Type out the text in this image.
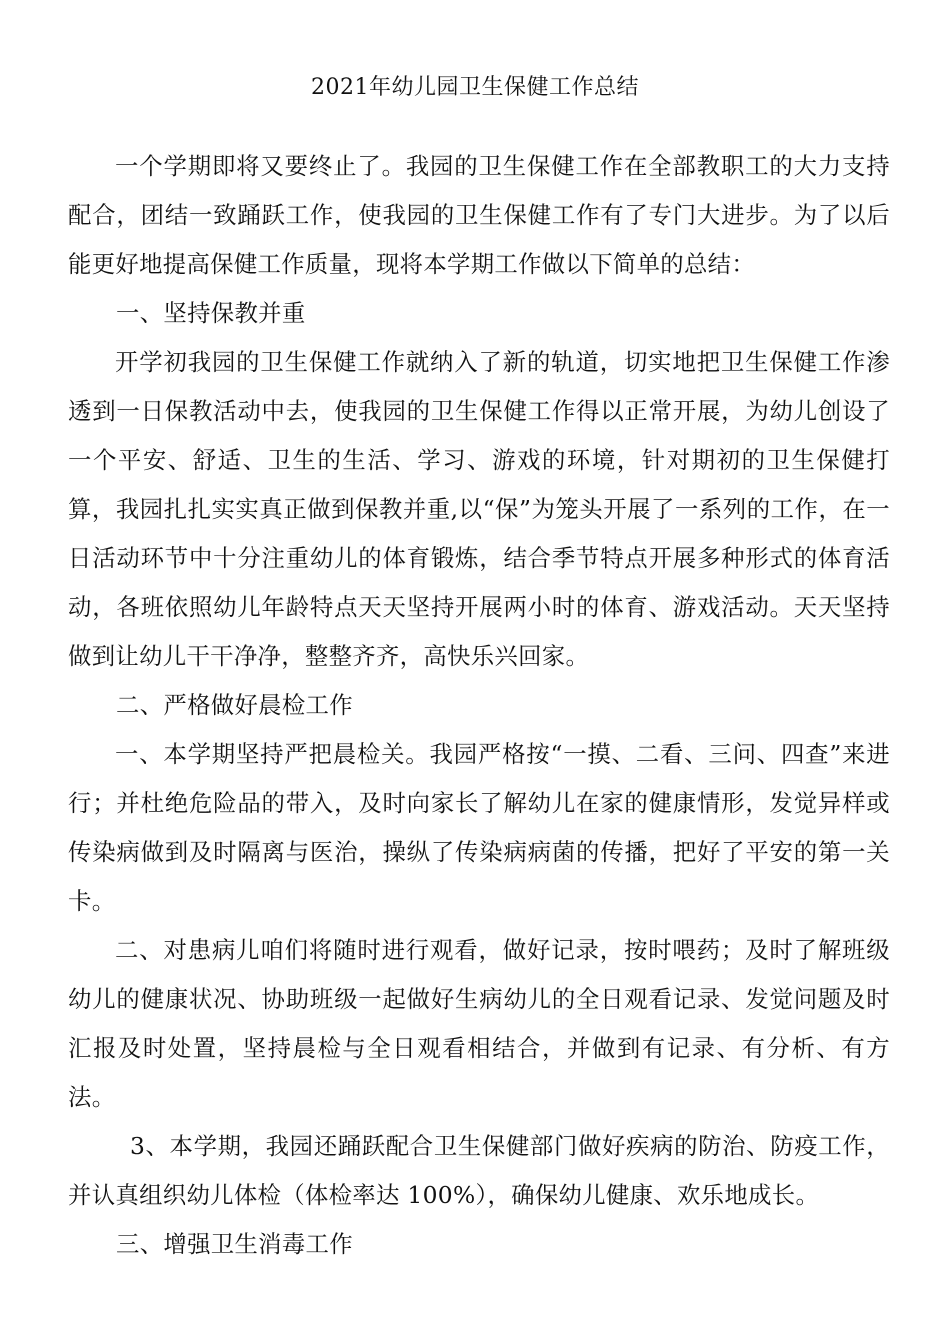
2021年幼儿园卫生保健工作总结

一个学期即将又要终止了。我园的卫生保健工作在全部教职工的大力支持配合，团结一致踊跃工作，使我园的卫生保健工作有了专门大进步。为了以后能更好地提高保健工作质量，现将本学期工作做以下简单的总结：

一、坚持保教并重

开学初我园的卫生保健工作就纳入了新的轨道，切实地把卫生保健工作渗透到一日保教活动中去，使我园的卫生保健工作得以正常开展，为幼儿创设了一个平安、舒适、卫生的生活、学习、游戏的环境，针对期初的卫生保健打算，我园扎扎实实真正做到保教并重,以“保”为笼头开展了一系列的工作，在一日活动环节中十分注重幼儿的体育锻炼，结合季节特点开展多种形式的体育活动，各班依照幼儿年龄特点天天坚持开展两小时的体育、游戏活动。天天坚持做到让幼儿干干净净，整整齐齐，高快乐兴回家。

二、严格做好晨检工作

一、本学期坚持严把晨检关。我园严格按“一摸、二看、三问、四查”来进行；并杜绝危险品的带入，及时向家长了解幼儿在家的健康情形，发觉异样或传染病做到及时隔离与医治，操纵了传染病病菌的传播，把好了平安的第一关卡。

二、对患病儿咱们将随时进行观看，做好记录，按时喂药；及时了解班级幼儿的健康状况、协助班级一起做好生病幼儿的全日观看记录、发觉问题及时汇报及时处置，坚持晨检与全日观看相结合，并做到有记录、有分析、有方法。

3、本学期，我园还踊跃配合卫生保健部门做好疾病的防治、防疫工作，并认真组织幼儿体检（体检率达 100%），确保幼儿健康、欢乐地成长。

三、增强卫生消毒工作
